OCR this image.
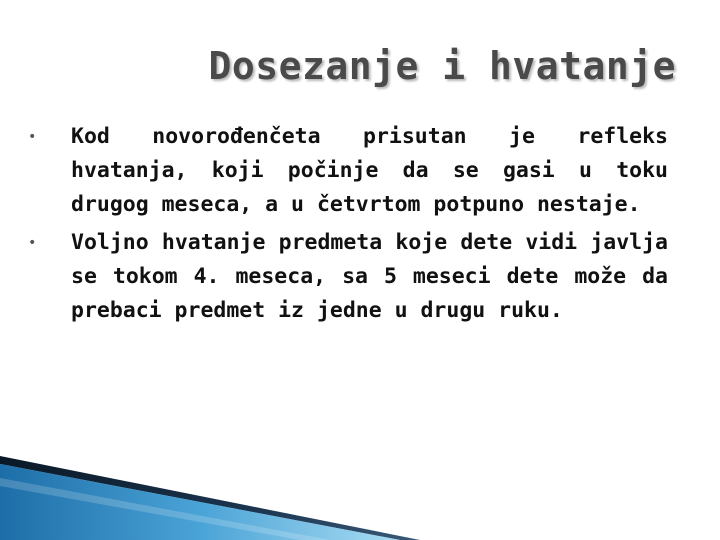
Dosezanje i hvatanje
• Kod novorođenčeta prisutan je refleks hvatanja, koji počinje da se gasi u toku drugog meseca, a u četvrtom potpuno nestaje.
• Voljno hvatanje predmeta koje dete vidi javlja se tokom 4. meseca, sa 5 meseci dete može da prebaci predmet iz jedne u drugu ruku.
